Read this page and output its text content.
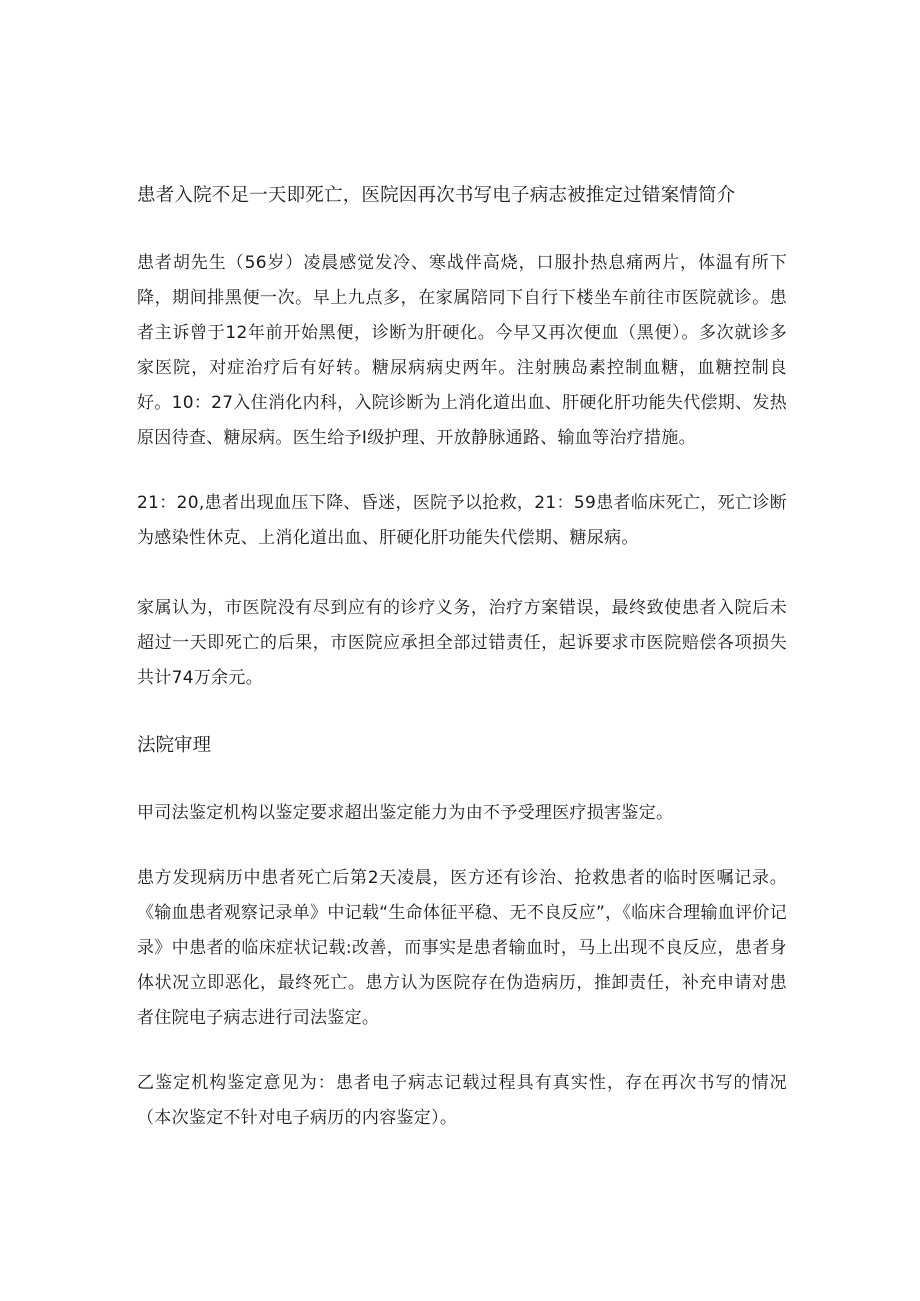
患者入院不足一天即死亡，医院因再次书写电子病志被推定过错案情简介

患者胡先生（56岁）凌晨感觉发冷、寒战伴高烧，口服扑热息痛两片，体温有所下降，期间排黑便一次。早上九点多，在家属陪同下自行下楼坐车前往市医院就诊。患者主诉曾于12年前开始黑便，诊断为肝硬化。今早又再次便血（黑便）。多次就诊多家医院，对症治疗后有好转。糖尿病病史两年。注射胰岛素控制血糖，血糖控制良好。10：27入住消化内科，入院诊断为上消化道出血、肝硬化肝功能失代偿期、发热原因待查、糖尿病。医生给予Ⅰ级护理、开放静脉通路、输血等治疗措施。

21：20,患者出现血压下降、昏迷，医院予以抢救，21：59患者临床死亡，死亡诊断为感染性休克、上消化道出血、肝硬化肝功能失代偿期、糖尿病。

家属认为，市医院没有尽到应有的诊疗义务，治疗方案错误，最终致使患者入院后未超过一天即死亡的后果，市医院应承担全部过错责任，起诉要求市医院赔偿各项损失共计74万余元。

法院审理

甲司法鉴定机构以鉴定要求超出鉴定能力为由不予受理医疗损害鉴定。

患方发现病历中患者死亡后第2天凌晨，医方还有诊治、抢救患者的临时医嘱记录。《输血患者观察记录单》中记载“生命体征平稳、无不良反应”，《临床合理输血评价记录》中患者的临床症状记载:改善，而事实是患者输血时，马上出现不良反应，患者身体状况立即恶化，最终死亡。患方认为医院存在伪造病历，推卸责任，补充申请对患者住院电子病志进行司法鉴定。

乙鉴定机构鉴定意见为：患者电子病志记载过程具有真实性，存在再次书写的情况（本次鉴定不针对电子病历的内容鉴定）。
